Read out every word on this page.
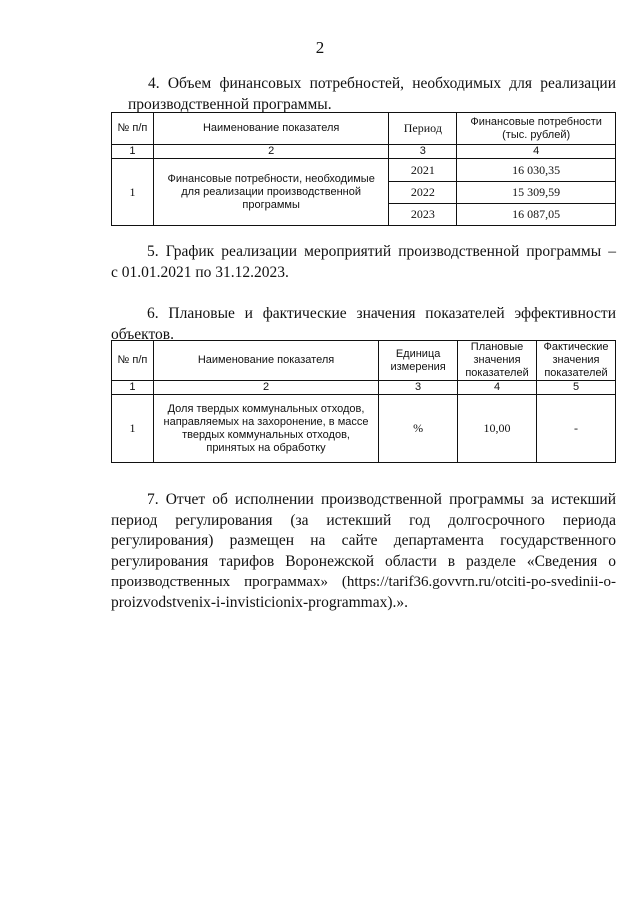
2
4. Объем финансовых потребностей, необходимых для реализации
производственной программы.
№ п/п	Наименование показателя	Период	Финансовые потребности (тыс. рублей)
1	2	3	4
1	Финансовые потребности, необходимые для реализации производственной программы	2021	16 030,35
		2022	15 309,59
		2023	16 087,05
5. График реализации мероприятий производственной программы –
с 01.01.2021 по 31.12.2023.
6. Плановые и фактические значения показателей эффективности
объектов.
№ п/п	Наименование показателя	Единица измерения	Плановые значения показателей	Фактические значения показателей
1	2	3	4	5
1	Доля твердых коммунальных отходов, направляемых на захоронение, в массе твердых коммунальных отходов, принятых на обработку	%	10,00	-
7. Отчет об исполнении производственной программы за истекший
период регулирования (за истекший год долгосрочного периода
регулирования) размещен на сайте департамента государственного
регулирования тарифов Воронежской области в разделе «Сведения о
производственных программах» (https://tarif36.govvrn.ru/otciti-po-svedinii-o-
proizvodstvenix-i-invisticionix-programmax).».
